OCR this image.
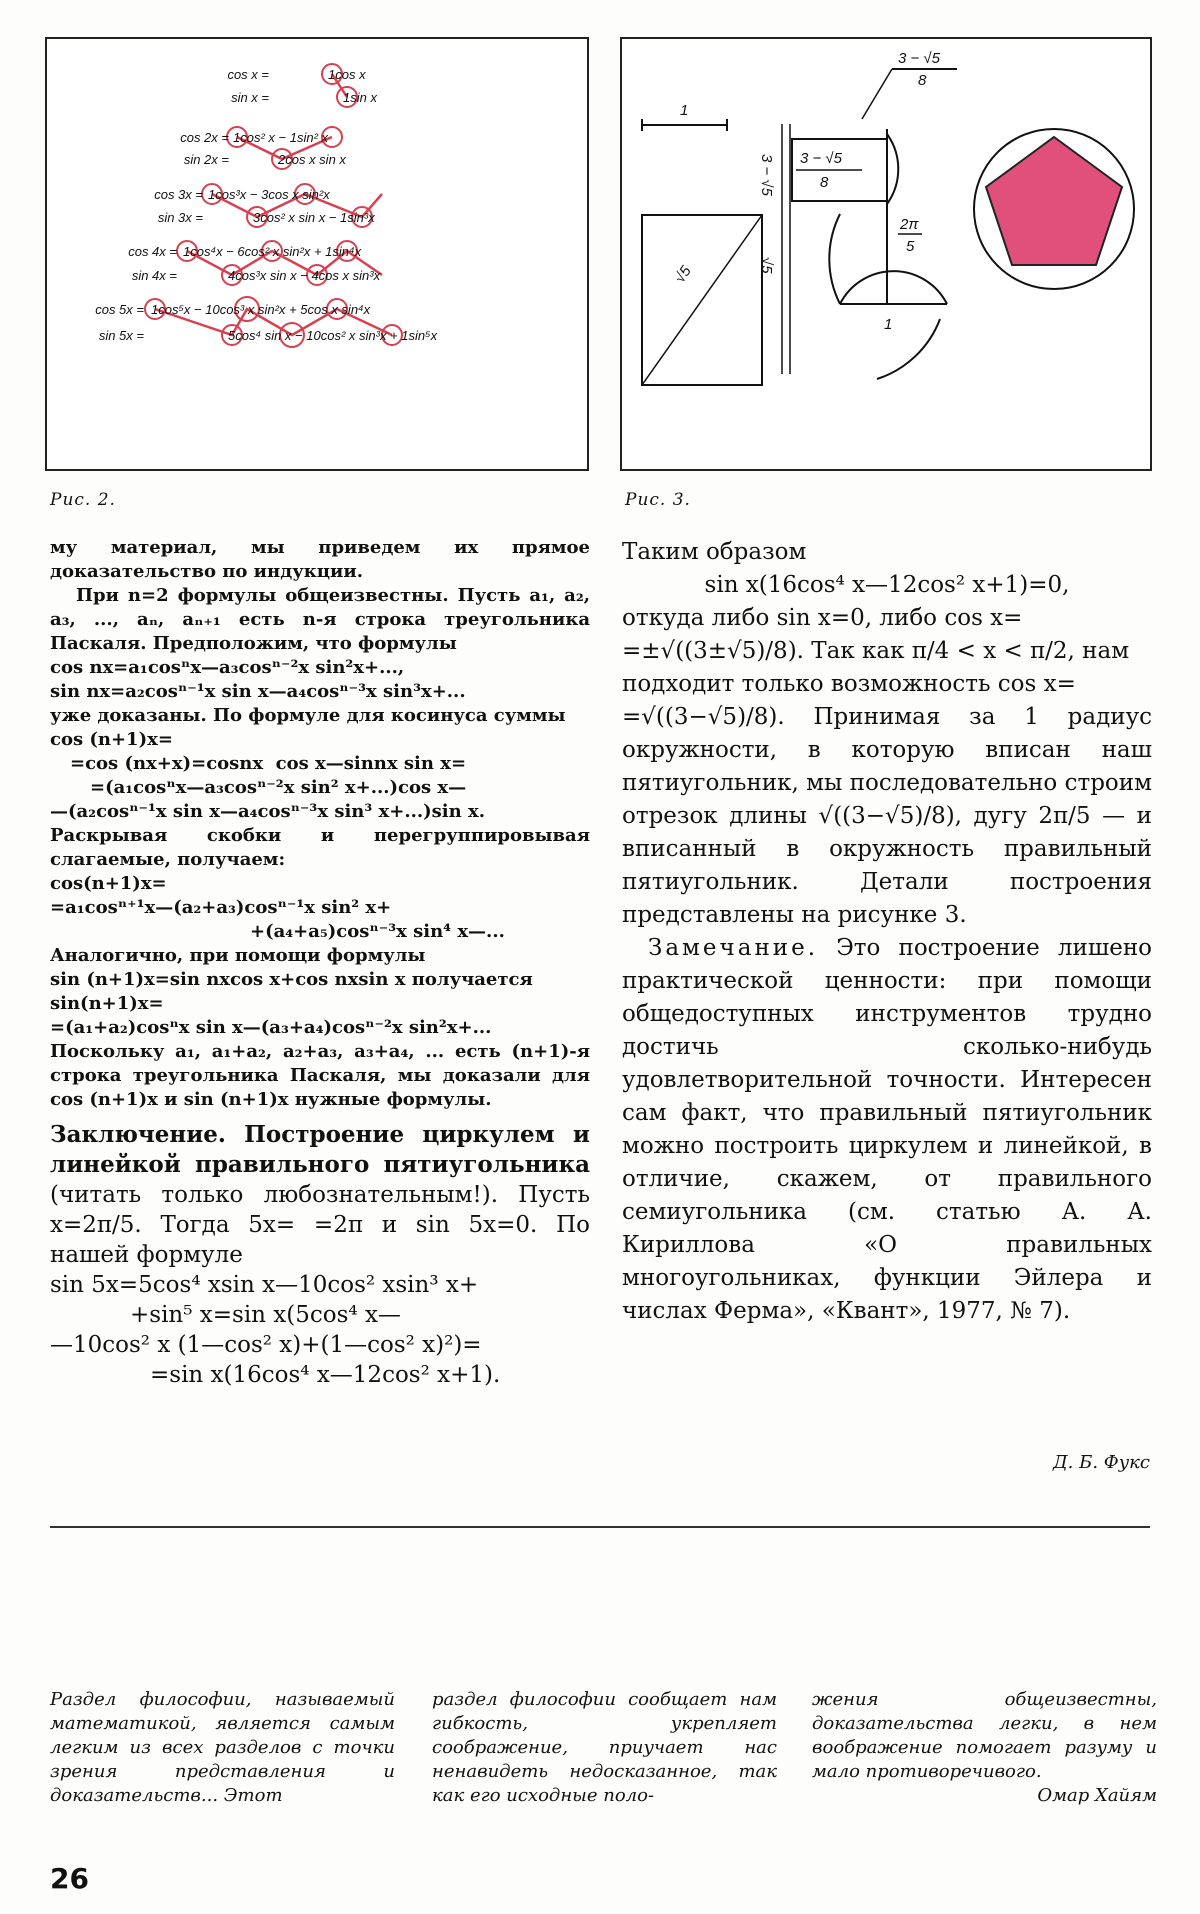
cos x =	1cos x
sin x =	1sin x
cos 2x = 1cos² x − 1sin² x
sin 2x =	2cos x sin x
cos 3x = 1cos³x − 3cos x sin²x
sin 3x =	3cos² x sin x − 1sin³x
cos 4x = 1cos⁴x − 6cos² x sin²x + 1sin⁴x
sin 4x =	4cos³x sin x − 4cos x sin³x
cos 5x = 1cos⁵x − 10cos³ x sin²x + 5cos x sin⁴x
sin 5x =	5cos⁴ sin x − 10cos² x sin³x + 1sin⁵x
Рис. 2.
1
3 − √5
√5
√5
3 − √5
8
3 − √5
8
2π
5
1
Рис. 3.

му материал, мы приведем их прямое доказательство по индукции.

При n=2 формулы общеизвестны. Пусть a₁, a₂, a₃, ..., aₙ, aₙ₊₁ есть n-я строка треугольника Паскаля. Предположим, что формулы

cos nx=a₁cosⁿx—a₃cosⁿ⁻²x sin²x+...,

sin nx=a₂cosⁿ⁻¹x sin x—a₄cosⁿ⁻³x sin³x+...

уже доказаны. По формуле для косинуса суммы

cos (n+1)x=

=cos (nx+x)=cosnx  cos x—sinnx sin x=

=(a₁cosⁿx—a₃cosⁿ⁻²x sin² x+...)cos x—

—(a₂cosⁿ⁻¹x sin x—a₄cosⁿ⁻³x sin³ x+...)sin x.

Раскрывая скобки и перегруппировывая слагаемые, получаем:

cos(n+1)x=

=a₁cosⁿ⁺¹x—(a₂+a₃)cosⁿ⁻¹x sin² x+

+(a₄+a₅)cosⁿ⁻³x sin⁴ x—...

Аналогично, при помощи формулы

sin (n+1)x=sin nxcos x+cos nxsin x получается

sin(n+1)x=

=(a₁+a₂)cosⁿx sin x—(a₃+a₄)cosⁿ⁻²x sin²x+...

Поскольку a₁, a₁+a₂, a₂+a₃, a₃+a₄, ... есть (n+1)-я строка треугольника Паскаля, мы доказали для cos (n+1)x и sin (n+1)x нужные формулы.

Заключение. Построение циркулем и линейкой правильного пятиугольника (читать только любознательным!). Пусть x=2π/5. Тогда 5x= =2π и sin 5x=0. По нашей формуле

sin 5x=5cos⁴ xsin x—10cos² xsin³ x+

+sin⁵ x=sin x(5cos⁴ x—

—10cos² x (1—cos² x)+(1—cos² x)²)=

=sin x(16cos⁴ x—12cos² x+1).

Таким образом

sin x(16cos⁴ x—12cos² x+1)=0,

откуда либо sin x=0, либо cos x=

=±√((3±√5)/8). Так как π/4 < x < π/2, нам

подходит только возможность cos x=

=√((3−√5)/8). Принимая за 1 радиус окружности, в которую вписан наш пятиугольник, мы последовательно строим отрезок длины √((3−√5)/8), дугу 2π/5 — и вписанный в окружность правильный пятиугольник. Детали построения представлены на рисунке 3.

Замечание. Это построение лишено практической ценности: при помощи общедоступных инструментов трудно достичь сколько-нибудь удовлетворительной точности. Интересен сам факт, что правильный пятиугольник можно построить циркулем и линейкой, в отличие, скажем, от правильного семиугольника (см. статью А. А. Кириллова «О правильных многоугольниках, функции Эйлера и числах Ферма», «Квант», 1977, № 7).

Д. Б. Фукс
Раздел философии, называемый математикой, является самым легким из всех разделов с точки зрения представления и доказательств... Этот
раздел философии сообщает нам гибкость, укрепляет соображение, приучает нас ненавидеть недосказанное, так как его исходные поло-
жения общеизвестны, доказательства легки, в нем воображение помогает разуму и мало противоречивого.
Омар Хайям
26
